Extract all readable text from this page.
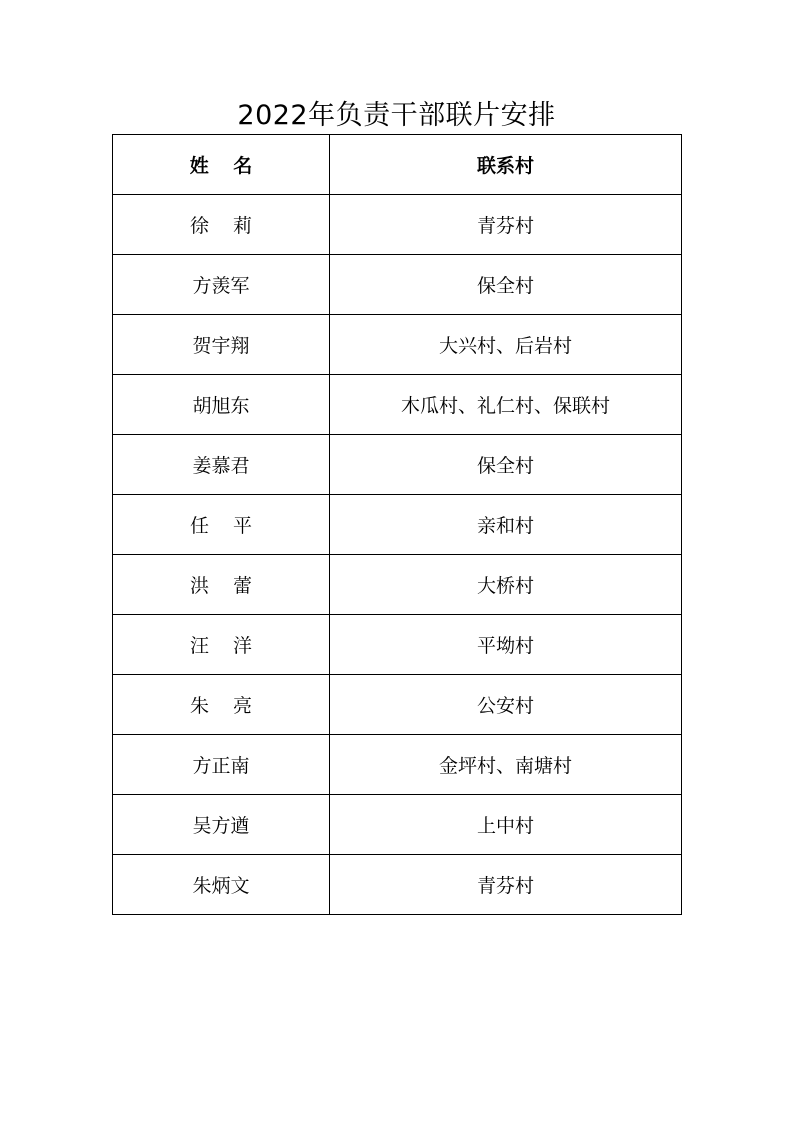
2022年负责干部联片安排
姓 名	联系村
徐 莉	青芬村
方羡军	保全村
贺宇翔	大兴村、后岩村
胡旭东	木瓜村、礼仁村、保联村
姜慕君	保全村
任 平	亲和村
洪 蕾	大桥村
汪 洋	平坳村
朱 亮	公安村
方正南	金坪村、南塘村
吴方遒	上中村
朱炳文	青芬村
